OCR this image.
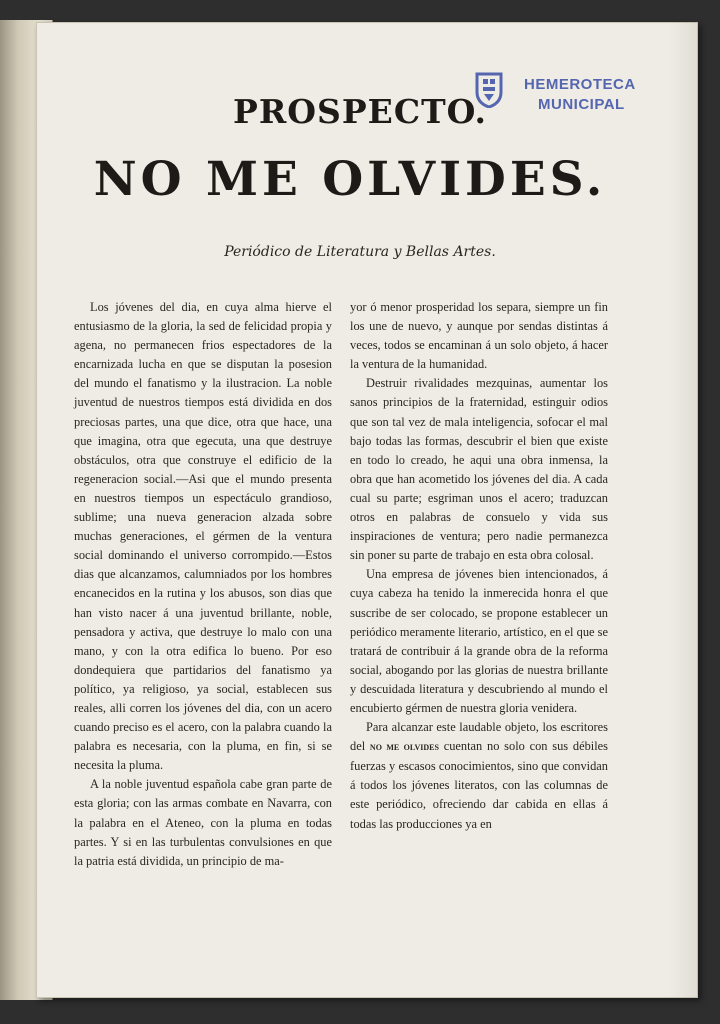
HEMEROTECA
MUNICIPAL
PROSPECTO.
NO ME OLVIDES.
Periódico de Literatura y Bellas Artes.

Los jóvenes del dia, en cuya alma hierve el entusiasmo de la gloria, la sed de felicidad propia y agena, no permanecen frios espectadores de la encarnizada lucha en que se disputan la posesion del mundo el fanatismo y la ilustracion. La noble juventud de nuestros tiempos está dividida en dos preciosas partes, una que dice, otra que hace, una que imagina, otra que egecuta, una que destruye obstáculos, otra que construye el edificio de la regeneracion social.—Asi que el mundo presenta en nuestros tiempos un espectáculo grandioso, sublime; una nueva generacion alzada sobre muchas generaciones, el gérmen de la ventura social dominando el universo corrompido.—Estos dias que alcanzamos, calumniados por los hombres encanecidos en la rutina y los abusos, son dias que han visto nacer á una juventud brillante, noble, pensadora y activa, que destruye lo malo con una mano, y con la otra edifica lo bueno. Por eso dondequiera que partidarios del fanatismo ya político, ya religioso, ya social, establecen sus reales, alli corren los jóvenes del dia, con un acero cuando preciso es el acero, con la palabra cuando la palabra es necesaria, con la pluma, en fin, si se necesita la pluma.

A la noble juventud española cabe gran parte de esta gloria; con las armas combate en Navarra, con la palabra en el Ateneo, con la pluma en todas partes. Y si en las turbulentas convulsiones en que la patria está dividida, un principio de ma-

yor ó menor prosperidad los separa, siempre un fin los une de nuevo, y aunque por sendas distintas á veces, todos se encaminan á un solo objeto, á hacer la ventura de la humanidad.

Destruir rivalidades mezquinas, aumentar los sanos principios de la fraternidad, estinguir odios que son tal vez de mala inteligencia, sofocar el mal bajo todas las formas, descubrir el bien que existe en todo lo creado, he aqui una obra inmensa, la obra que han acometido los jóvenes del dia. A cada cual su parte; esgriman unos el acero; traduzcan otros en palabras de consuelo y vida sus inspiraciones de ventura; pero nadie permanezca sin poner su parte de trabajo en esta obra colosal.

Una empresa de jóvenes bien intencionados, á cuya cabeza ha tenido la inmerecida honra el que suscribe de ser colocado, se propone establecer un periódico meramente literario, artístico, en el que se tratará de contribuir á la grande obra de la reforma social, abogando por las glorias de nuestra brillante y descuidada literatura y descubriendo al mundo el encubierto gérmen de nuestra gloria venidera.

Para alcanzar este laudable objeto, los escritores del no me olvides cuentan no solo con sus débiles fuerzas y escasos conocimientos, sino que convidan á todos los jóvenes literatos, con las columnas de este periódico, ofreciendo dar cabida en ellas á todas las producciones ya en
